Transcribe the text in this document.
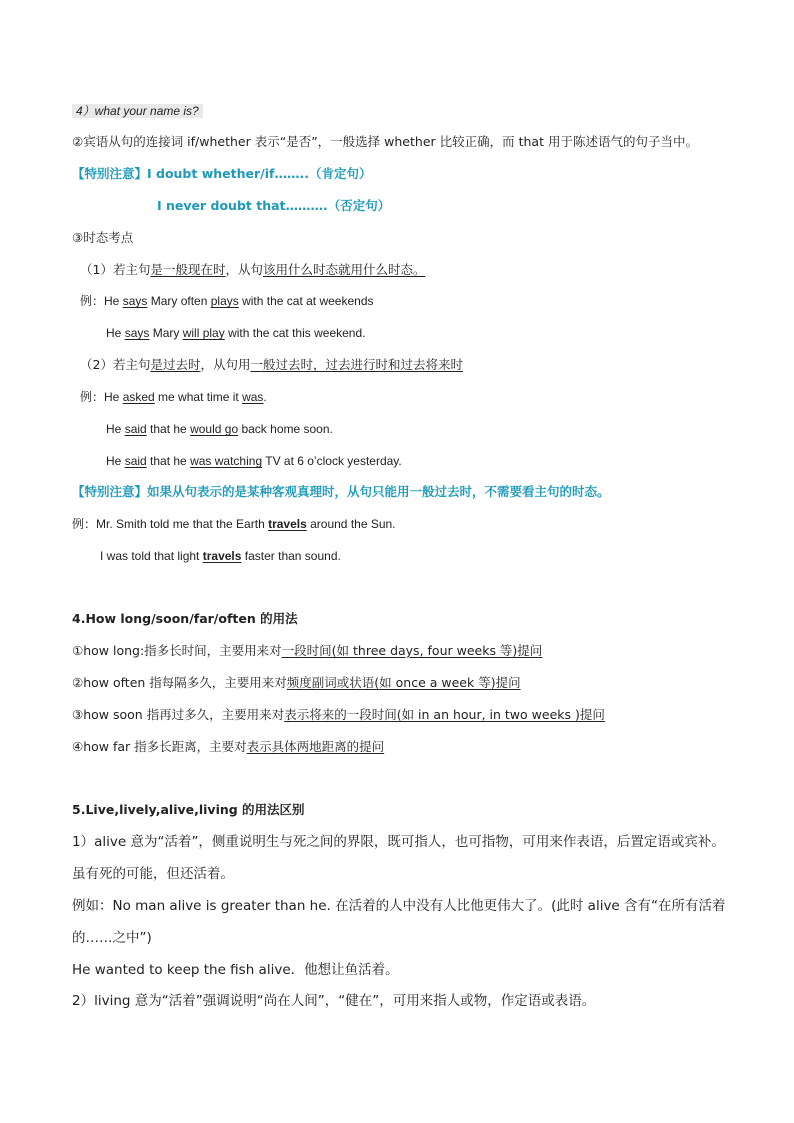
4）what your name is?
②宾语从句的连接词 if/whether 表示“是否”，一般选择 whether 比较正确，而 that 用于陈述语气的句子当中。
【特别注意】I doubt whether/if……..（肯定句）
I never doubt that……….（否定句）
③时态考点
（1）若主句是一般现在时，从句该用什么时态就用什么时态。
例：He says Mary often plays with the cat at weekends
He says Mary will play with the cat this weekend.
（2）若主句是过去时，从句用一般过去时，过去进行时和过去将来时
例：He asked me what time it was.
He said that he would go back home soon.
He said that he was watching TV at 6 o’clock yesterday.
【特别注意】如果从句表示的是某种客观真理时，从句只能用一般过去时，不需要看主句的时态。
例：Mr. Smith told me that the Earth travels around the Sun.
I was told that light travels faster than sound.
4.How long/soon/far/often 的用法
①how long:指多长时间，主要用来对一段时间(如 three days, four weeks 等)提问
②how often 指每隔多久，主要用来对频度副词或状语(如 once a week 等)提问
③how soon 指再过多久，主要用来对表示将来的一段时间(如 in an hour, in two weeks )提问
④how far 指多长距离，主要对表示具体两地距离的提问
5.Live,lively,alive,living 的用法区别
1）alive 意为“活着”，侧重说明生与死之间的界限，既可指人，也可指物，可用来作表语，后置定语或宾补。
虽有死的可能，但还活着。
例如：No man alive is greater than he. 在活着的人中没有人比他更伟大了。(此时 alive 含有“在所有活着
的……之中”)
He wanted to keep the fish alive．他想让鱼活着。
2）living 意为“活着”强调说明“尚在人间”，“健在”，可用来指人或物，作定语或表语。
